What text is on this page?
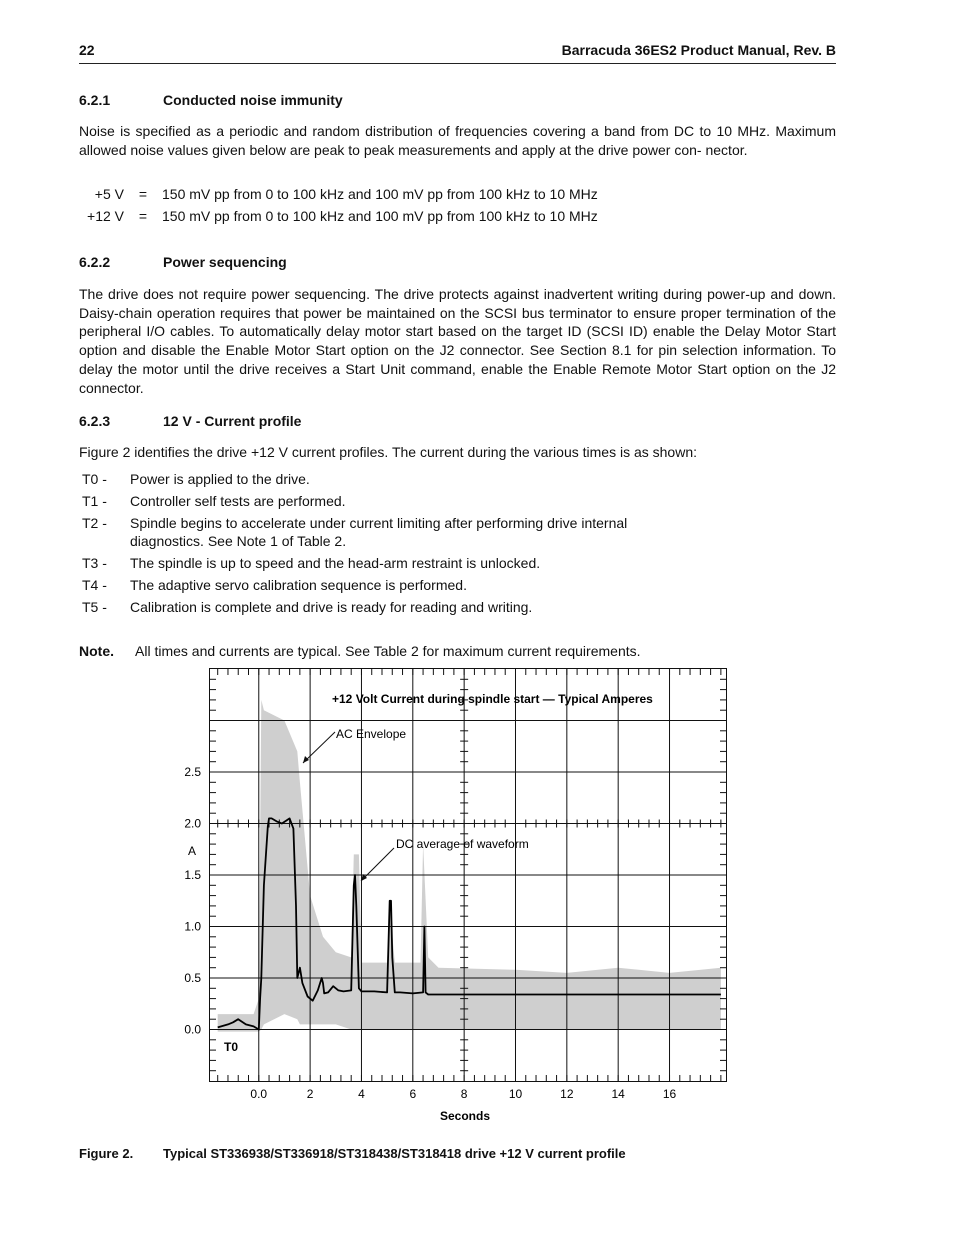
22	Barracuda 36ES2 Product Manual, Rev. B
6.2.1	Conducted noise immunity
Noise is specified as a periodic and random distribution of frequencies covering a band from DC to 10 MHz. Maximum allowed noise values given below are peak to peak measurements and apply at the drive power con- nector.
+5 V = 150 mV pp from 0 to 100 kHz and 100 mV pp from 100 kHz to 10 MHz
+12 V = 150 mV pp from 0 to 100 kHz and 100 mV pp from 100 kHz to 10 MHz
6.2.2	Power sequencing
The drive does not require power sequencing. The drive protects against inadvertent writing during power-up and down. Daisy-chain operation requires that power be maintained on the SCSI bus terminator to ensure proper termination of the peripheral I/O cables. To automatically delay motor start based on the target ID (SCSI ID) enable the Delay Motor Start option and disable the Enable Motor Start option on the J2 connector. See Section 8.1 for pin selection information. To delay the motor until the drive receives a Start Unit command, enable the Enable Remote Motor Start option on the J2 connector.
6.2.3	12 V - Current profile
Figure 2 identifies the drive +12 V current profiles. The current during the various times is as shown:
T0 - Power is applied to the drive.
T1 - Controller self tests are performed.
T2 - Spindle begins to accelerate under current limiting after performing drive internal diagnostics. See Note 1 of Table 2.
T3 - The spindle is up to speed and the head-arm restraint is unlocked.
T4 - The adaptive servo calibration sequence is performed.
T5 - Calibration is complete and drive is ready for reading and writing.
Note. All times and currents are typical. See Table 2 for maximum current requirements.
0.0	2	4	6	8	10	12	14	16
0.0
0.5
1.0
1.5
2.0
2.5
+12 Volt Current during spindle start — Typical Amperes
AC Envelope
DC average of waveform
A
T0
Seconds
Figure 2. Typical ST336938/ST336918/ST318438/ST318418 drive +12 V current profile
